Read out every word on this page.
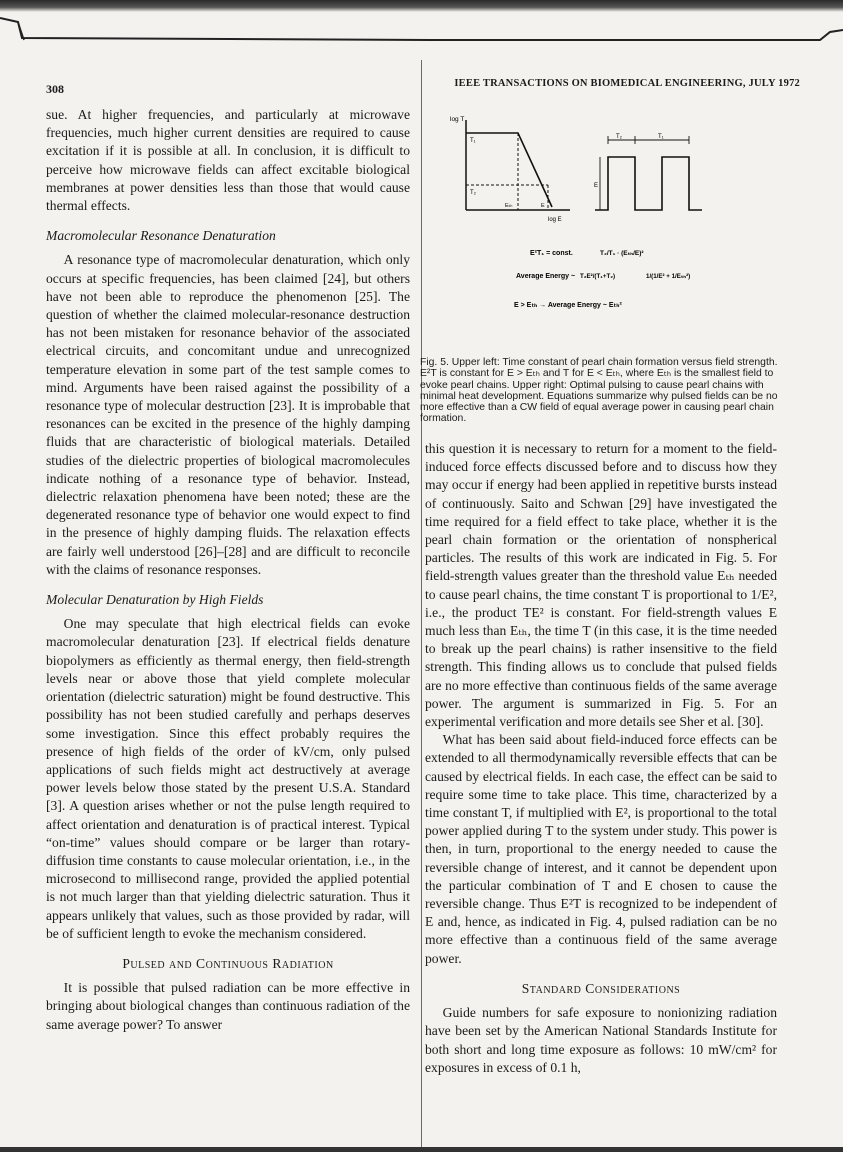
308	IEEE TRANSACTIONS ON BIOMEDICAL ENGINEERING, JULY 1972

sue. At higher frequencies, and particularly at microwave frequencies, much higher current densities are required to cause excitation if it is possible at all. In conclusion, it is difficult to perceive how microwave fields can affect excitable biological membranes at power densities less than those that would cause thermal effects.

Macromolecular Resonance Denaturation

A resonance type of macromolecular denaturation, which only occurs at specific frequencies, has been claimed [24], but others have not been able to reproduce the phenomenon [25]. The question of whether the claimed molecular-resonance destruction has not been mistaken for resonance behavior of the associated electrical circuits, and concomitant undue and unrecognized temperature elevation in some part of the test sample comes to mind. Arguments have been raised against the possibility of a resonance type of molecular destruction [23]. It is improbable that resonances can be excited in the presence of the highly damping fluids that are characteristic of biological materials. Detailed studies of the dielectric properties of biological macromolecules indicate nothing of a resonance type of behavior. Instead, dielectric relaxation phenomena have been noted; these are the degenerated resonance type of behavior one would expect to find in the presence of highly damping fluids. The relaxation effects are fairly well understood [26]–[28] and are difficult to reconcile with the claims of resonance responses.

Molecular Denaturation by High Fields

One may speculate that high electrical fields can evoke macromolecular denaturation [23]. If electrical fields denature biopolymers as efficiently as thermal energy, then field-strength levels near or above those that yield complete molecular orientation (dielectric saturation) might be found destructive. This possibility has not been studied carefully and perhaps deserves some investigation. Since this effect probably requires the presence of high fields of the order of kV/cm, only pulsed applications of such fields might act destructively at average power levels below those stated by the present U.S.A. Standard [3]. A question arises whether or not the pulse length required to affect orientation and denaturation is of practical interest. Typical “on-time” values should compare or be larger than rotary-diffusion time constants to cause molecular orientation, i.e., in the microsecond to millisecond range, provided the applied potential is not much larger than that yielding dielectric saturation. Thus it appears unlikely that values, such as those provided by radar, will be of sufficient length to evoke the mechanism considered.

Pulsed and Continuous Radiation

It is possible that pulsed radiation can be more effective in bringing about biological changes than continuous radiation of the same average power? To answer

log T
log E
T₁
T₂
Eₜₕ	E
T₂	T₁
E
E²T₁ = const.	T₂/T₁ · (Eₜₕ/E)²
Average Energy ~ T₂E²/(T₁+T₂)	1/(1/E² + 1/Eₜₕ²)
E > Eₜₕ → Average Energy ~ Eₜₕ²
Fig. 5. Upper left: Time constant of pearl chain formation versus field strength. E²T is constant for E > Eₜₕ and T for E < Eₜₕ, where Eₜₕ is the smallest field to evoke pearl chains. Upper right: Optimal pulsing to cause pearl chains with minimal heat development. Equations summarize why pulsed fields can be no more effective than a CW field of equal average power in causing pearl chain formation.

this question it is necessary to return for a moment to the field-induced force effects discussed before and to discuss how they may occur if energy had been applied in repetitive bursts instead of continuously. Saito and Schwan [29] have investigated the time required for a field effect to take place, whether it is the pearl chain formation or the orientation of nonspherical particles. The results of this work are indicated in Fig. 5. For field-strength values greater than the threshold value Eₜₕ needed to cause pearl chains, the time constant T is proportional to 1/E², i.e., the product TE² is constant. For field-strength values E much less than Eₜₕ, the time T (in this case, it is the time needed to break up the pearl chains) is rather insensitive to the field strength. This finding allows us to conclude that pulsed fields are no more effective than continuous fields of the same average power. The argument is summarized in Fig. 5. For an experimental verification and more details see Sher et al. [30].

What has been said about field-induced force effects can be extended to all thermodynamically reversible effects that can be caused by electrical fields. In each case, the effect can be said to require some time to take place. This time, characterized by a time constant T, if multiplied with E², is proportional to the total power applied during T to the system under study. This power is then, in turn, proportional to the energy needed to cause the reversible change of interest, and it cannot be dependent upon the particular combination of T and E chosen to cause the reversible change. Thus E²T is recognized to be independent of E and, hence, as indicated in Fig. 4, pulsed radiation can be no more effective than a continuous field of the same average power.

Standard Considerations

Guide numbers for safe exposure to nonionizing radiation have been set by the American National Standards Institute for both short and long time exposure as follows: 10 mW/cm² for exposures in excess of 0.1 h,
